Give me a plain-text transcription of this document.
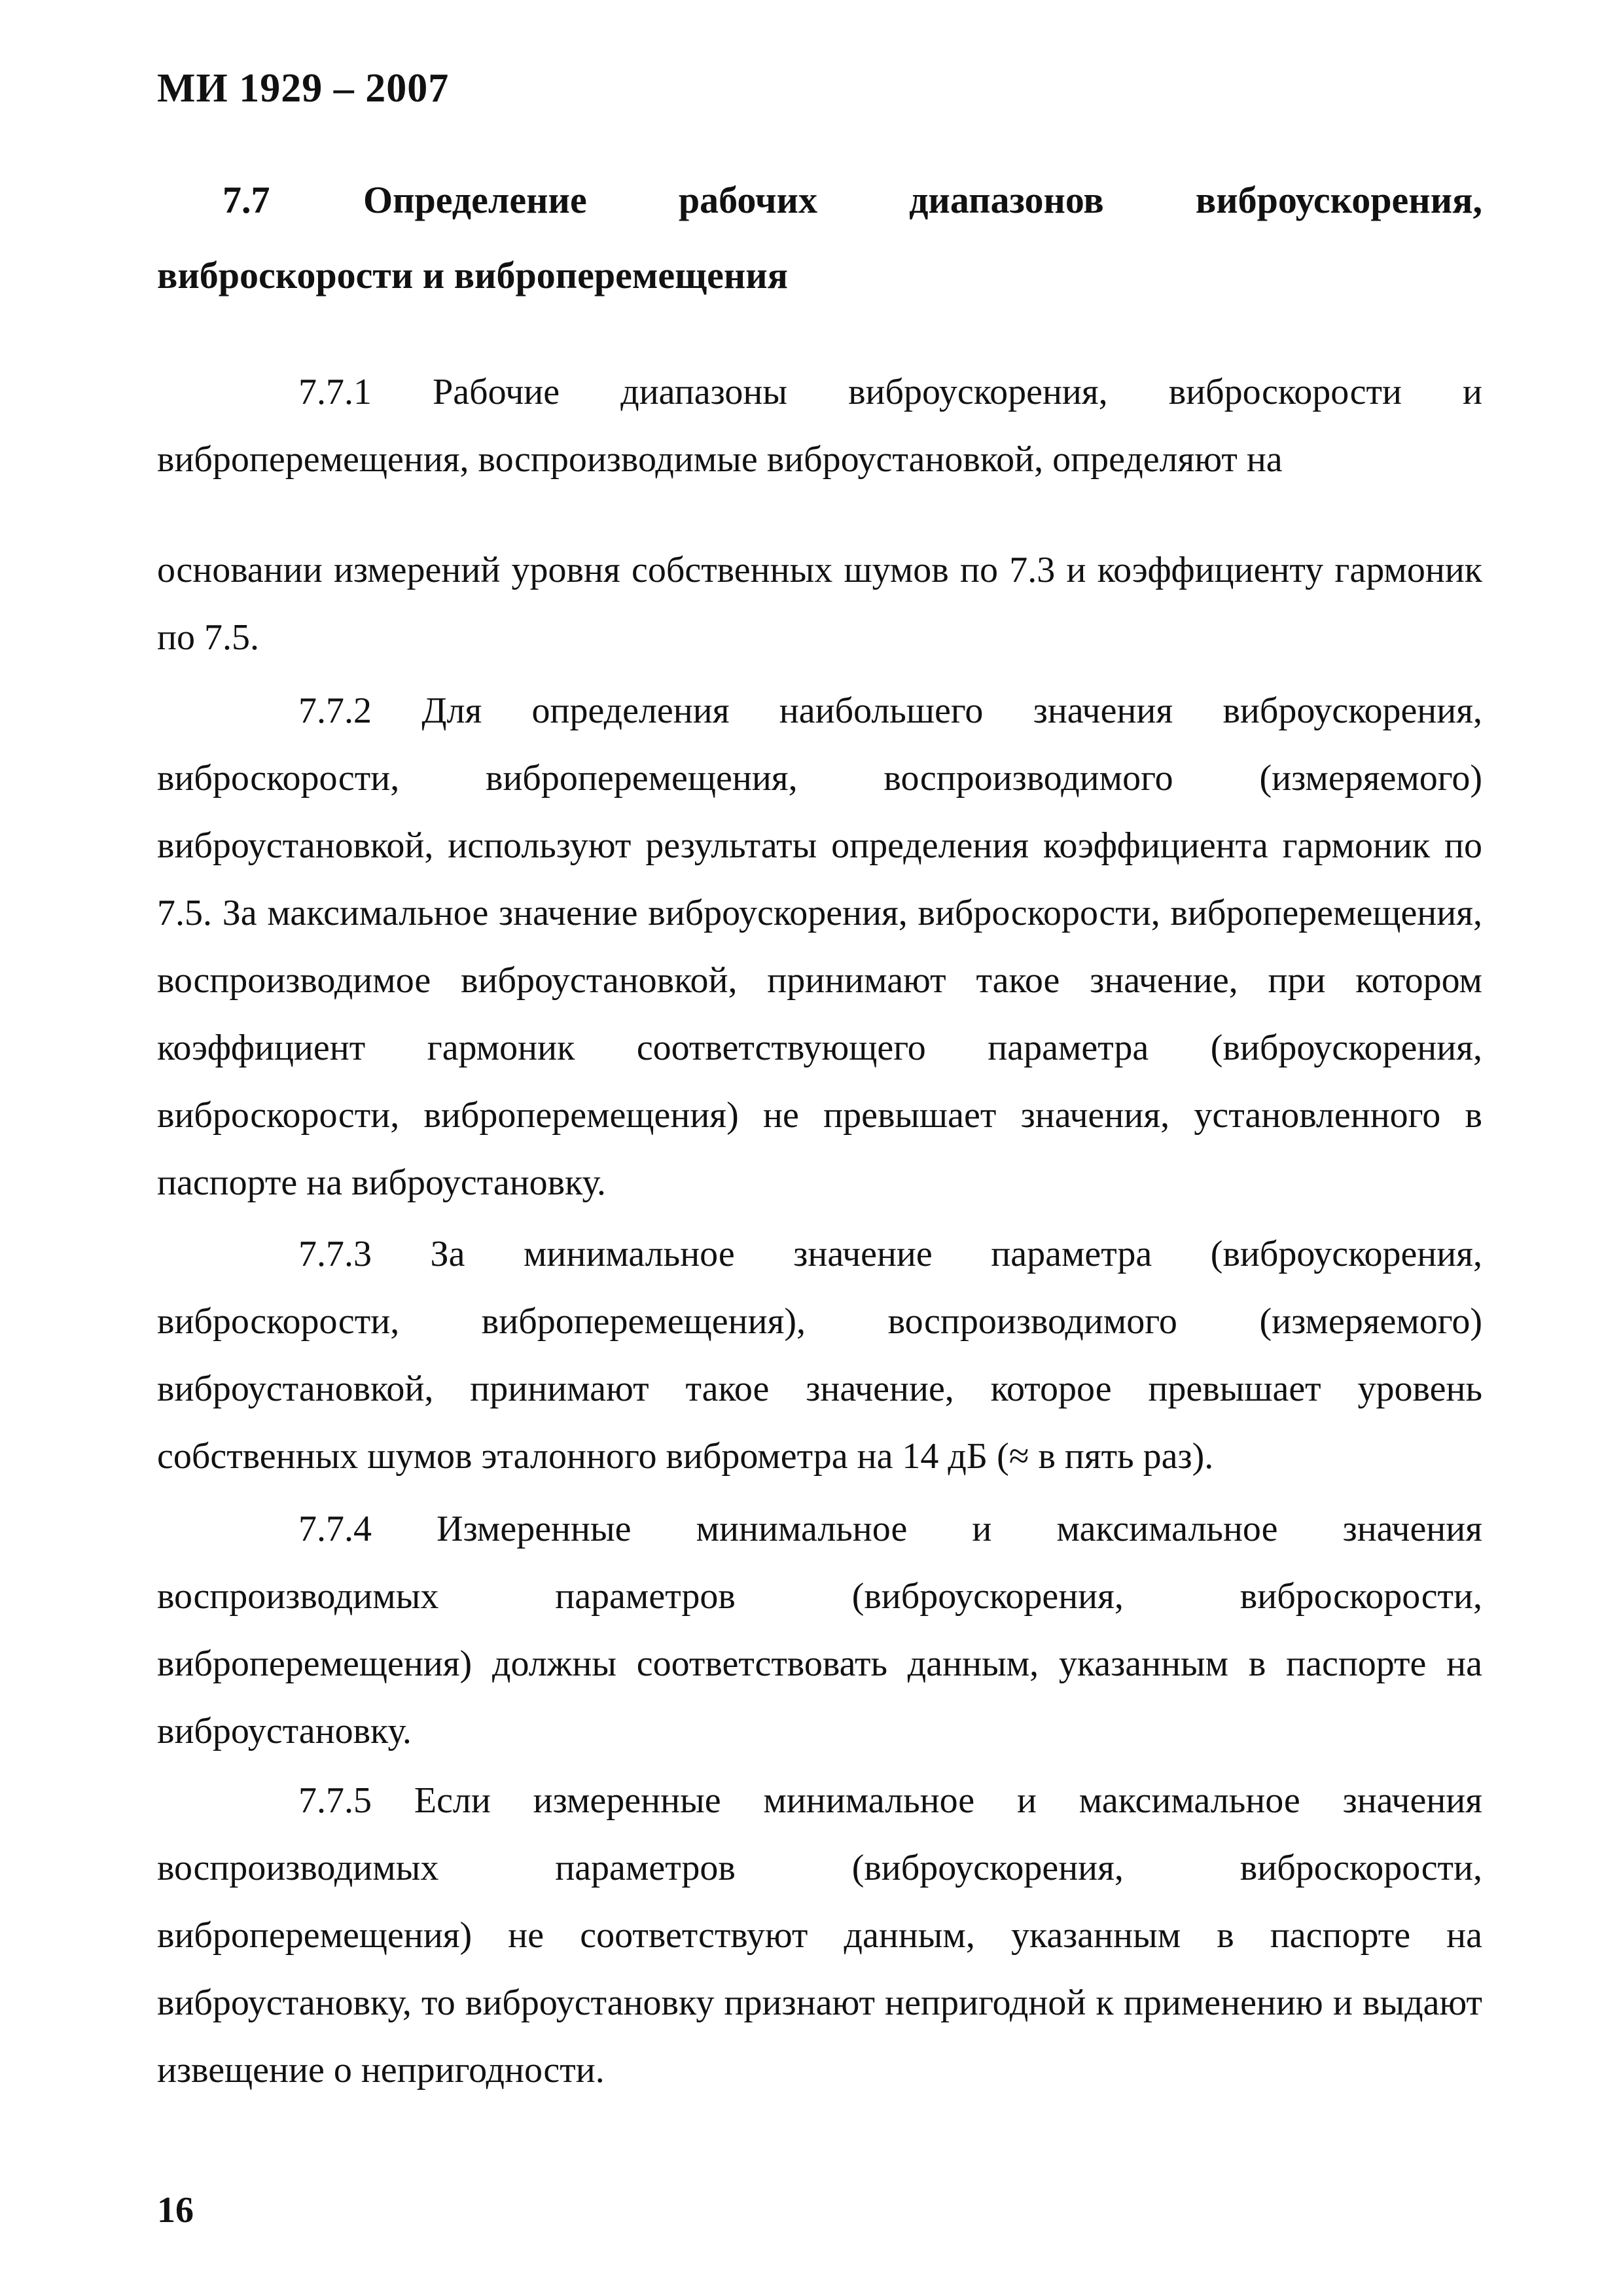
МИ 1929 – 2007
7.7 Определение рабочих диапазонов виброускорения, виброскорости и виброперемещения

7.7.1 Рабочие диапазоны виброускорения, виброскорости и виброперемещения, воспроизводимые виброустановкой, определяют на

основании измерений уровня собственных шумов по 7.3 и коэффициенту гармоник по 7.5.

7.7.2 Для определения наибольшего значения виброускорения, виброскорости, виброперемещения, воспроизводимого (измеряемого) виброустановкой, используют результаты определения коэффициента гармоник по 7.5. За максимальное значение виброускорения, виброскорости, виброперемещения, воспроизводимое виброустановкой, принимают такое значение, при котором коэффициент гармоник соответствующего параметра (виброускорения, виброскорости, виброперемещения) не превышает значения, установленного в паспорте на виброустановку.

7.7.3 За минимальное значение параметра (виброускорения, виброскорости, виброперемещения), воспроизводимого (измеряемого) виброустановкой, принимают такое значение, которое превышает уровень собственных шумов эталонного виброметра на 14 дБ (≈ в пять раз).

7.7.4 Измеренные минимальное и максимальное значения воспроизводимых параметров (виброускорения, виброскорости, виброперемещения) должны соответствовать данным, указанным в паспорте на виброустановку.

7.7.5 Если измеренные минимальное и максимальное значения воспроизводимых параметров (виброускорения, виброскорости, виброперемещения) не соответствуют данным, указанным в паспорте на виброустановку, то виброустановку признают непригодной к применению и выдают извещение о непригодности.

16
